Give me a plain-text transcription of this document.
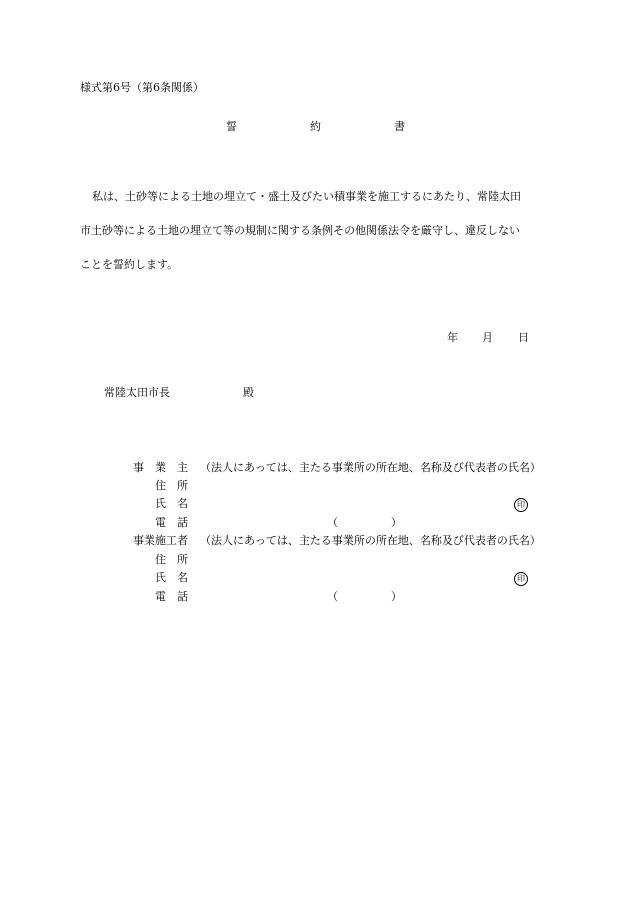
様式第6号（第6条関係）
誓	約	書
私は、土砂等による土地の埋立て・盛土及びたい積事業を施工するにあたり、常陸太田
市土砂等による土地の埋立て等の規制に関する条例その他関係法令を厳守し、違反しない
ことを誓約します。
年 月 日
常陸太田市長	殿
事　業　主 （法人にあっては、主たる事業所の所在地、名称及び代表者の氏名）
住　所
氏　名	印
電　話	（	）
事業施工者 （法人にあっては、主たる事業所の所在地、名称及び代表者の氏名）
住　所
氏　名	印
電　話	（	）
